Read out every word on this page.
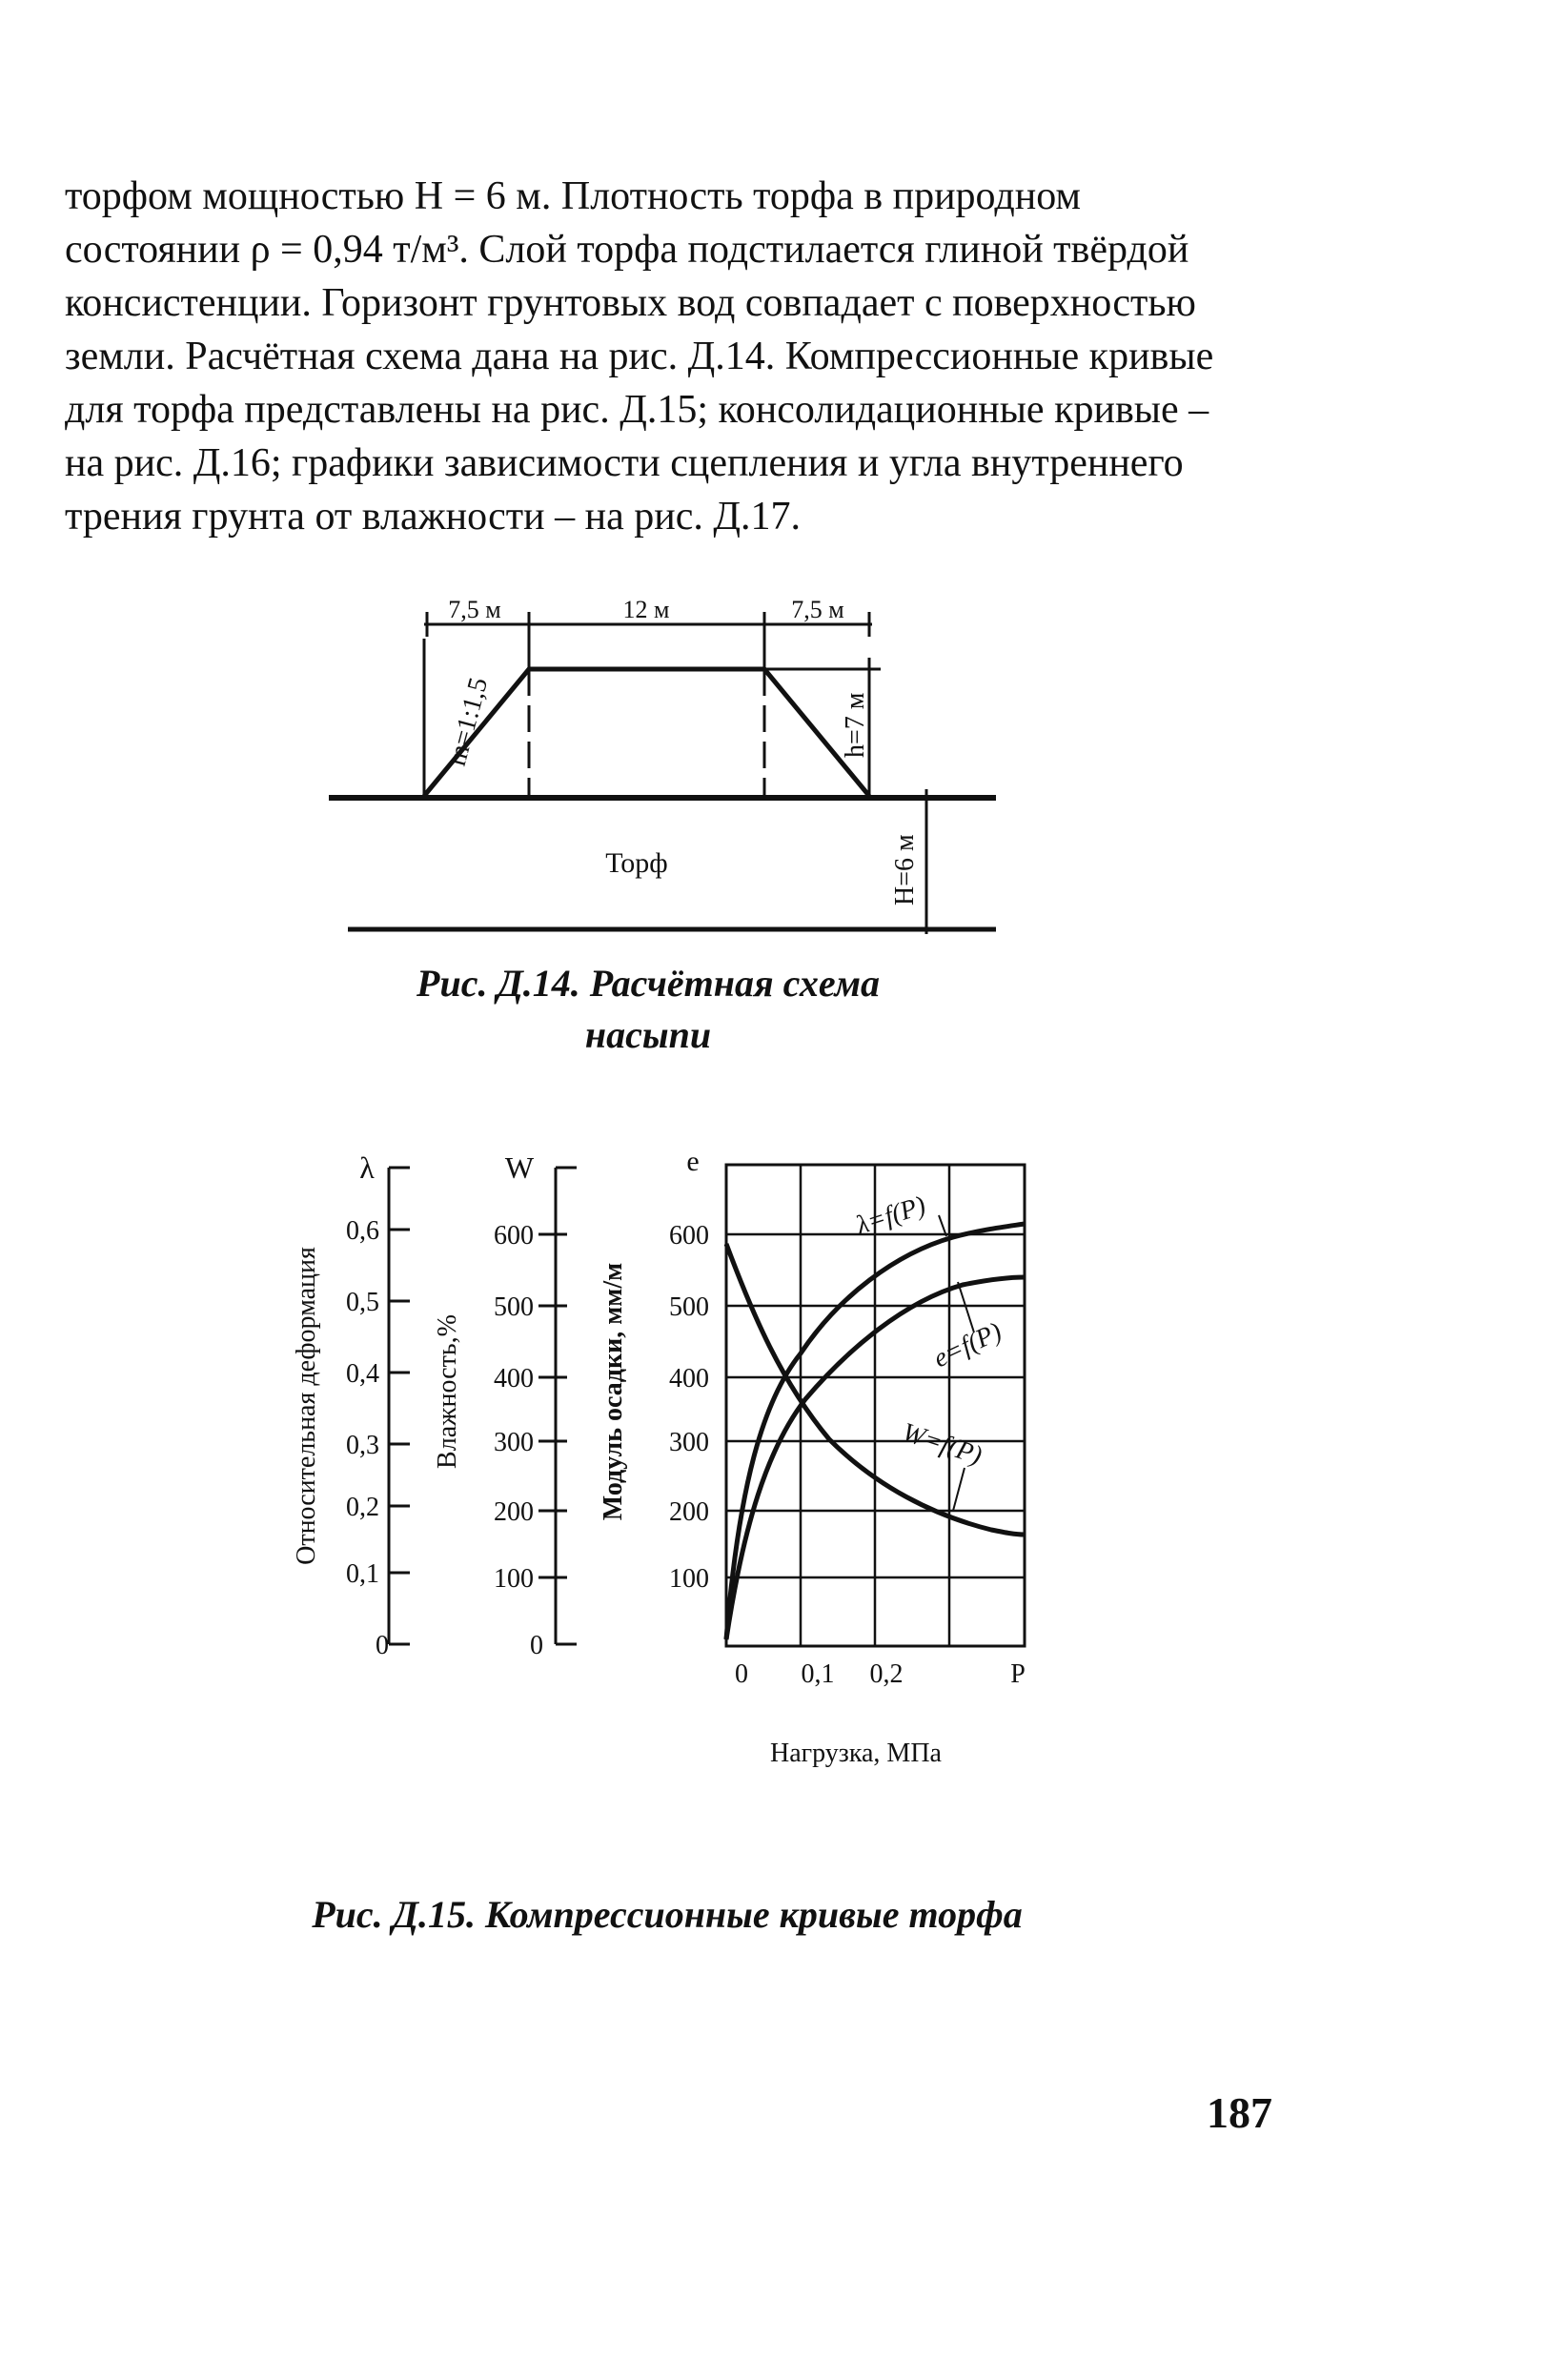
торфом мощностью H = 6 м. Плотность торфа в природном
состоянии ρ = 0,94 т/м³. Слой торфа подстилается глиной твёрдой
консистенции. Горизонт грунтовых вод совпадает с поверхностью
земли. Расчётная схема дана на рис. Д.14. Компрессионные кривые
для торфа представлены на рис. Д.15; консолидационные кривые –
на рис. Д.16; графики зависимости сцепления и угла внутреннего
трения грунта от влажности – на рис. Д.17.
7,5 м	12 м	7,5 м
m=1:1,5	h=7 м
Торф	H=6 м
Рис. Д.14. Расчётная схема
насыпи
λ
0,6
0,5
0,4
0,3
0,2
0,1
0
Относительная деформация
W
600
500
400
300
200
100
0
Влажность,%
e
Модуль осадки, мм/м
600
500
400
300
200
100
λ=f(P)
e=f(P)
W=f(P)
0 0,1 0,2	P
Нагрузка, МПа
Рис. Д.15. Компрессионные кривые торфа
187
